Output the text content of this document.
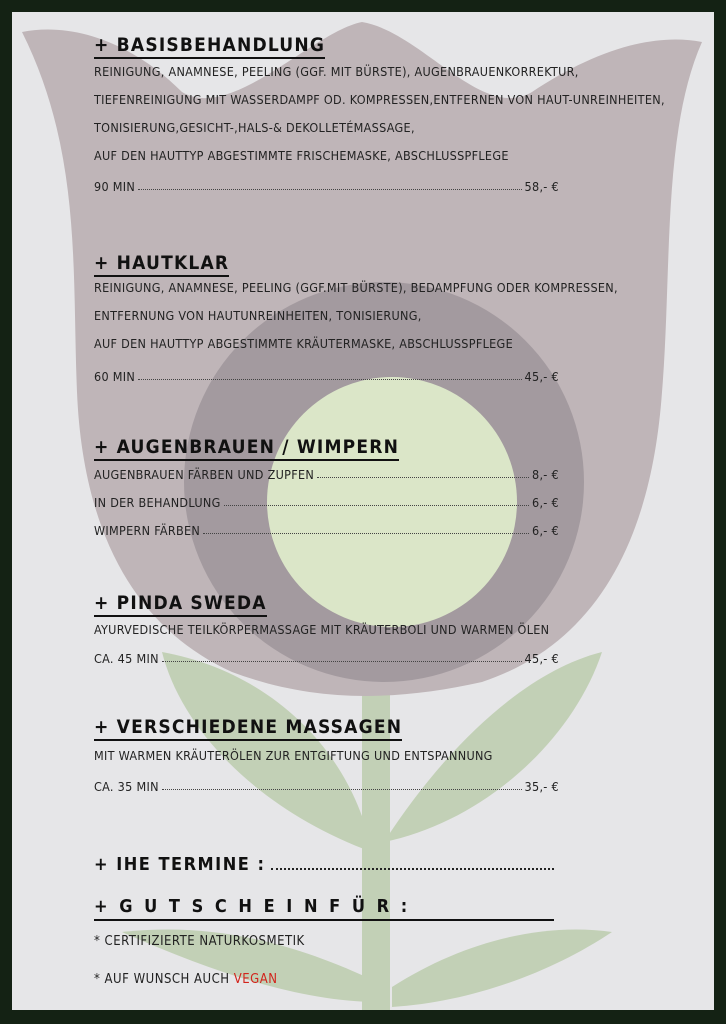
+ BASISBEHANDLUNG
REINIGUNG, ANAMNESE, PEELING (GGF. MIT BÜRSTE), AUGENBRAUENKORREKTUR,
TIEFENREINIGUNG MIT WASSERDAMPF OD. KOMPRESSEN,ENTFERNEN VON HAUT-UNREINHEITEN,
TONISIERUNG,GESICHT-,HALS-& DEKOLLETÉMASSAGE,
AUF DEN HAUTTYP ABGESTIMMTE FRISCHEMASKE, ABSCHLUSSPFLEGE
90 MIN	58,- €
+ HAUTKLAR
REINIGUNG, ANAMNESE, PEELING (GGF.MIT BÜRSTE), BEDAMPFUNG ODER KOMPRESSEN,
ENTFERNUNG VON HAUTUNREINHEITEN, TONISIERUNG,
AUF DEN HAUTTYP ABGESTIMMTE KRÄUTERMASKE, ABSCHLUSSPFLEGE
60 MIN	45,- €
+ AUGENBRAUEN / WIMPERN
AUGENBRAUEN FÄRBEN UND ZUPFEN	8,- €
IN DER BEHANDLUNG	6,- €
WIMPERN FÄRBEN	6,- €
+ PINDA SWEDA
AYURVEDISCHE TEILKÖRPERMASSAGE MIT KRÄUTERBOLI UND WARMEN ÖLEN
CA. 45 MIN	45,- €
+ VERSCHIEDENE MASSAGEN
MIT WARMEN KRÄUTERÖLEN ZUR ENTGIFTUNG UND ENTSPANNUNG
CA. 35 MIN	35,- €
+ IHE TERMINE :
+ G U T S C H E I N F Ü R :
* CERTIFIZIERTE NATURKOSMETIK
* AUF WUNSCH AUCH VEGAN
